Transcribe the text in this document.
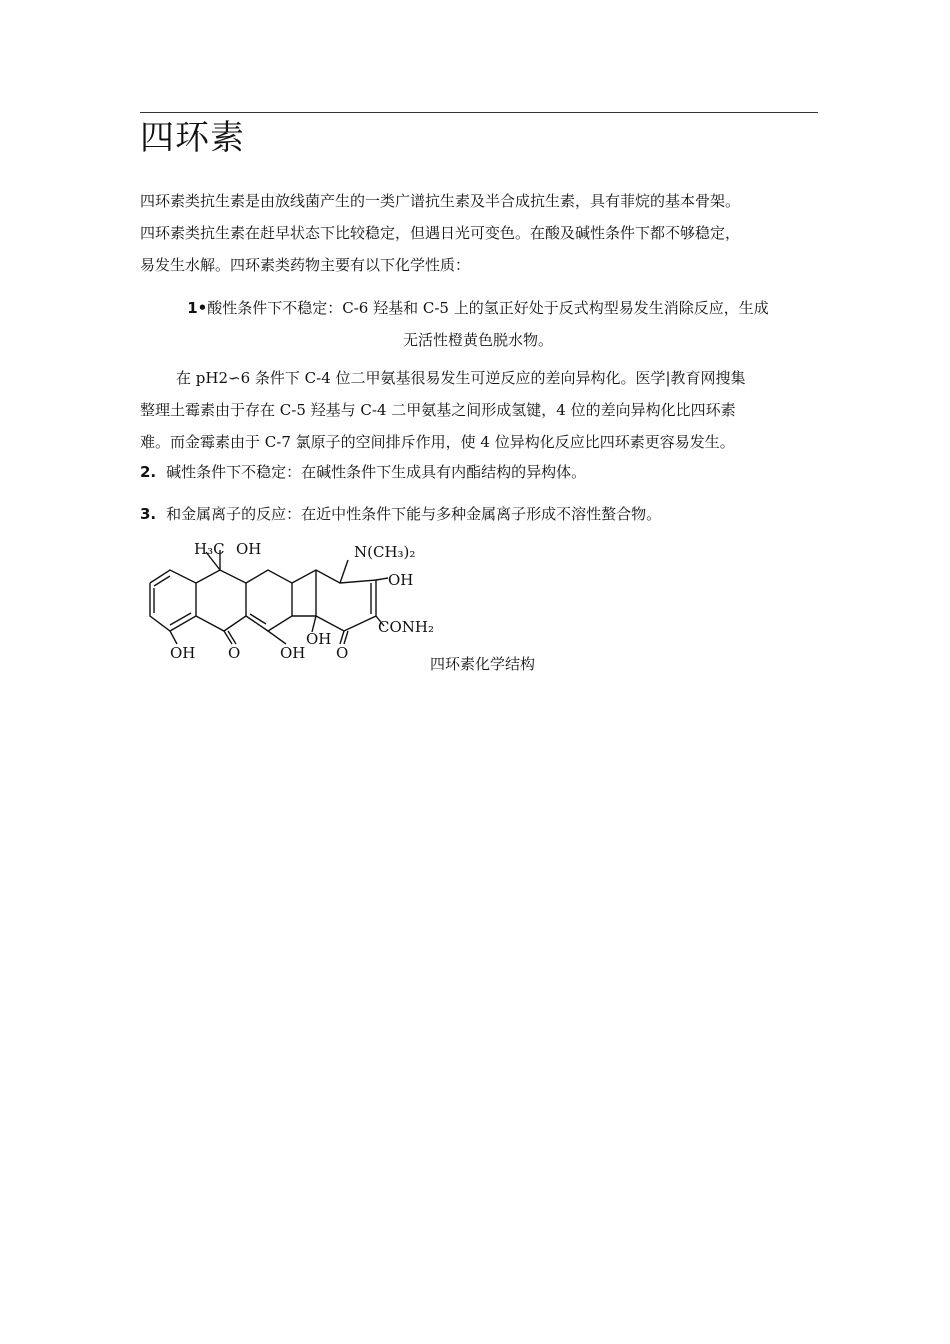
四环素
四环素类抗生素是由放线菌产生的一类广谱抗生素及半合成抗生素，具有菲烷的基本骨架。
四环素类抗生素在赶早状态下比较稳定，但遇日光可变色。在酸及碱性条件下都不够稳定，
易发生水解。四环素类药物主要有以下化学性质：
1•酸性条件下不稳定：C-6 羟基和 C-5 上的氢正好处于反式构型易发生消除反应，生成
无活性橙黄色脱水物。
在 pH2∽6 条件下 C-4 位二甲氨基很易发生可逆反应的差向异构化。医学|教育网搜集
整理土霉素由于存在 C-5 羟基与 C-4 二甲氨基之间形成氢键，4 位的差向异构化比四环素
难。而金霉素由于 C-7 氯原子的空间排斥作用，使 4 位异构化反应比四环素更容易发生。
2. 碱性条件下不稳定：在碱性条件下生成具有内酯结构的异构体。
3. 和金属离子的反应：在近中性条件下能与多种金属离子形成不溶性螯合物。
H₃C OH	N(CH₃)₂
OH
CONH₂
OH O	OH
OH
O
四环素化学结构
